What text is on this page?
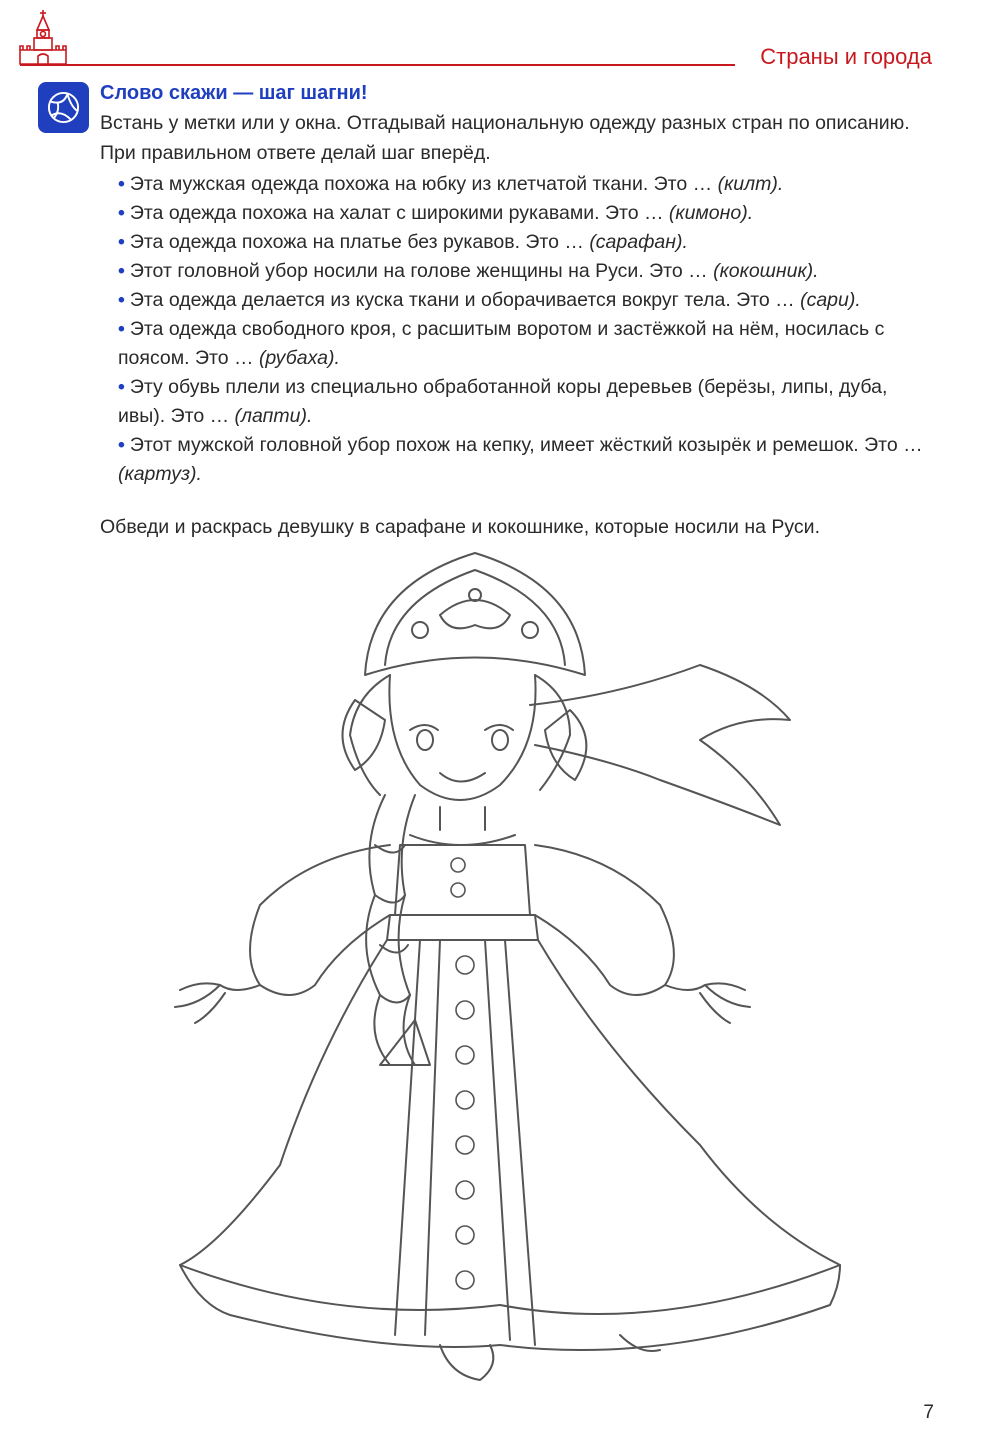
Страны и города
Слово скажи — шаг шагни!
Встань у метки или у окна. Отгадывай национальную одежду разных стран по описанию. При правильном ответе делай шаг вперёд.
• Эта мужская одежда похожа на юбку из клетчатой ткани. Это … (килт).
• Эта одежда похожа на халат с широкими рукавами. Это … (кимоно).
• Эта одежда похожа на платье без рукавов. Это … (сарафан).
• Этот головной убор носили на голове женщины на Руси. Это … (кокошник).
• Эта одежда делается из куска ткани и оборачивается вокруг тела. Это … (сари).
• Эта одежда свободного кроя, с расшитым воротом и застёжкой на нём, носилась с поясом. Это … (рубаха).
• Эту обувь плели из специально обработанной коры деревьев (берёзы, липы, дуба, ивы). Это … (лапти).
• Этот мужской головной убор похож на кепку, имеет жёсткий козырёк и ремешок. Это … (картуз).
Обведи и раскрась девушку в сарафане и кокошнике, которые носили на Руси.
7
